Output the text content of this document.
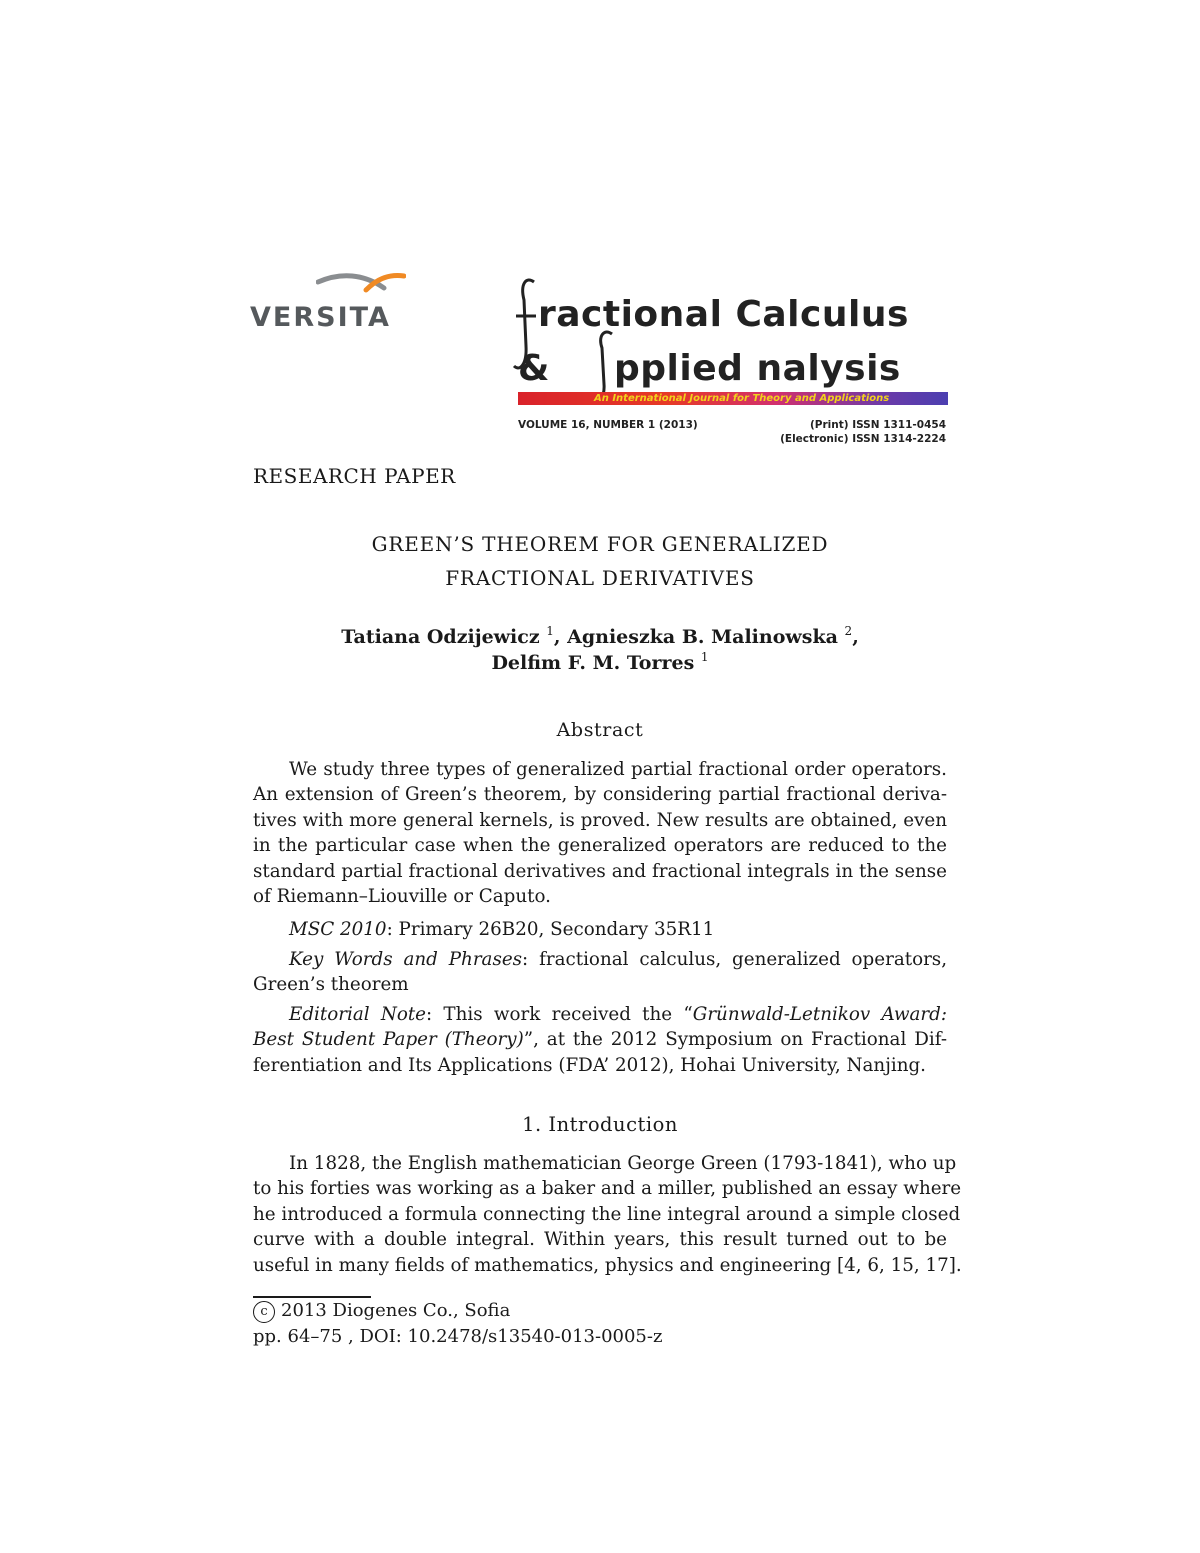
VERSITA	ractional Calculus
& pplied nalysis
An International Journal for Theory and Applications
VOLUME 16, NUMBER 1 (2013)	(Print) ISSN 1311-0454
(Electronic) ISSN 1314-2224
RESEARCH PAPER
GREEN’S THEOREM FOR GENERALIZED
FRACTIONAL DERIVATIVES
Tatiana Odzijewicz $^1$, Agnieszka B. Malinowska $^2$,
Delfim F. M. Torres $^1$
Abstract
We study three types of generalized partial fractional order operators.
An extension of Green’s theorem, by considering partial fractional deriva-
tives with more general kernels, is proved. New results are obtained, even
in the particular case when the generalized operators are reduced to the
standard partial fractional derivatives and fractional integrals in the sense
of Riemann–Liouville or Caputo.
MSC 2010: Primary 26B20, Secondary 35R11
Key Words and Phrases: fractional calculus, generalized operators,
Green’s theorem
Editorial Note: This work received the “Grünwald-Letnikov Award:
Best Student Paper (Theory)”, at the 2012 Symposium on Fractional Dif-
ferentiation and Its Applications (FDA’ 2012), Hohai University, Nanjing.
1. Introduction
In 1828, the English mathematician George Green (1793-1841), who up
to his forties was working as a baker and a miller, published an essay where
he introduced a formula connecting the line integral around a simple closed
curve with a double integral. Within years, this result turned out to be
useful in many fields of mathematics, physics and engineering [4, 6, 15, 17].
c 2013 Diogenes Co., Sofia
pp. 64–75 , DOI: 10.2478/s13540-013-0005-z
